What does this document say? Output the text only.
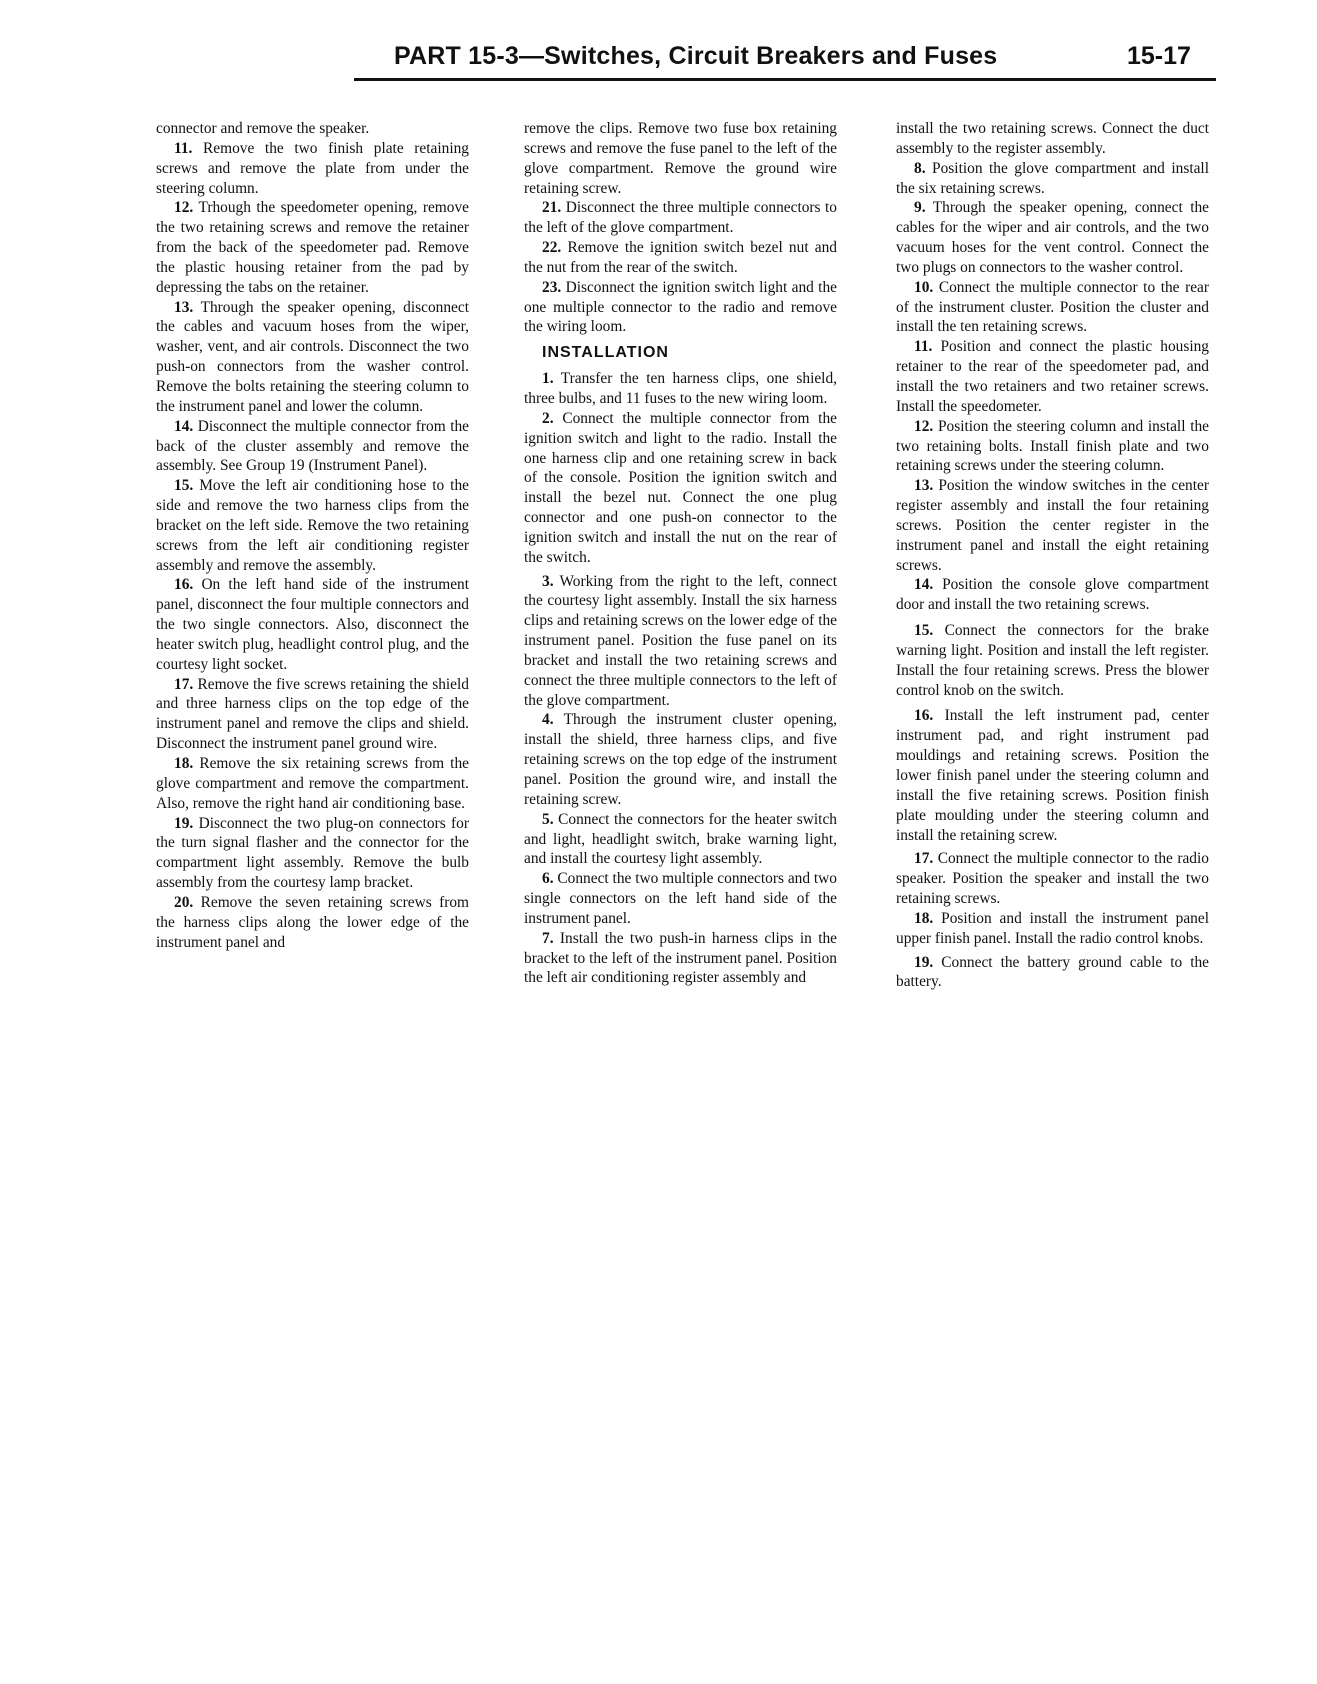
PART 15-3—Switches, Circuit Breakers and Fuses	15-17

connector and remove the speaker.

11. Remove the two finish plate retaining screws and remove the plate from under the steering column.

12. Trhough the speedometer opening, remove the two retaining screws and remove the retainer from the back of the speedometer pad. Remove the plastic housing retainer from the pad by depressing the tabs on the retainer.

13. Through the speaker opening, disconnect the cables and vacuum hoses from the wiper, washer, vent, and air controls. Disconnect the two push-on connectors from the washer control. Remove the bolts retaining the steering column to the instrument panel and lower the column.

14. Disconnect the multiple connector from the back of the cluster assembly and remove the assembly. See Group 19 (Instrument Panel).

15. Move the left air conditioning hose to the side and remove the two harness clips from the bracket on the left side. Remove the two retaining screws from the left air conditioning register assembly and remove the assembly.

16. On the left hand side of the instrument panel, disconnect the four multiple connectors and the two single connectors. Also, disconnect the heater switch plug, headlight control plug, and the courtesy light socket.

17. Remove the five screws retaining the shield and three harness clips on the top edge of the instrument panel and remove the clips and shield. Disconnect the instrument panel ground wire.

18. Remove the six retaining screws from the glove compartment and remove the compartment. Also, remove the right hand air conditioning base.

19. Disconnect the two plug-on connectors for the turn signal flasher and the connector for the compartment light assembly. Remove the bulb assembly from the courtesy lamp bracket.

20. Remove the seven retaining screws from the harness clips along the lower edge of the instrument panel and

remove the clips. Remove two fuse box retaining screws and remove the fuse panel to the left of the glove compartment. Remove the ground wire retaining screw.

21. Disconnect the three multiple connectors to the left of the glove compartment.

22. Remove the ignition switch bezel nut and the nut from the rear of the switch.

23. Disconnect the ignition switch light and the one multiple connector to the radio and remove the wiring loom.

INSTALLATION

1. Transfer the ten harness clips, one shield, three bulbs, and 11 fuses to the new wiring loom.

2. Connect the multiple connector from the ignition switch and light to the radio. Install the one harness clip and one retaining screw in back of the console. Position the ignition switch and install the bezel nut. Connect the one plug connector and one push-on connector to the ignition switch and install the nut on the rear of the switch.

3. Working from the right to the left, connect the courtesy light assembly. Install the six harness clips and retaining screws on the lower edge of the instrument panel. Position the fuse panel on its bracket and install the two retaining screws and connect the three multiple connectors to the left of the glove compartment.

4. Through the instrument cluster opening, install the shield, three harness clips, and five retaining screws on the top edge of the instrument panel. Position the ground wire, and install the retaining screw.

5. Connect the connectors for the heater switch and light, headlight switch, brake warning light, and install the courtesy light assembly.

6. Connect the two multiple connectors and two single connectors on the left hand side of the instrument panel.

7. Install the two push-in harness clips in the bracket to the left of the instrument panel. Position the left air conditioning register assembly and

install the two retaining screws. Connect the duct assembly to the register assembly.

8. Position the glove compartment and install the six retaining screws.

9. Through the speaker opening, connect the cables for the wiper and air controls, and the two vacuum hoses for the vent control. Connect the two plugs on connectors to the washer control.

10. Connect the multiple connector to the rear of the instrument cluster. Position the cluster and install the ten retaining screws.

11. Position and connect the plastic housing retainer to the rear of the speedometer pad, and install the two retainers and two retainer screws. Install the speedometer.

12. Position the steering column and install the two retaining bolts. Install finish plate and two retaining screws under the steering column.

13. Position the window switches in the center register assembly and install the four retaining screws. Position the center register in the instrument panel and install the eight retaining screws.

14. Position the console glove compartment door and install the two retaining screws.

15. Connect the connectors for the brake warning light. Position and install the left register. Install the four retaining screws. Press the blower control knob on the switch.

16. Install the left instrument pad, center instrument pad, and right instrument pad mouldings and retaining screws. Position the lower finish panel under the steering column and install the five retaining screws. Position finish plate moulding under the steering column and install the retaining screw.

17. Connect the multiple connector to the radio speaker. Position the speaker and install the two retaining screws.

18. Position and install the instrument panel upper finish panel. Install the radio control knobs.

19. Connect the battery ground cable to the battery.
